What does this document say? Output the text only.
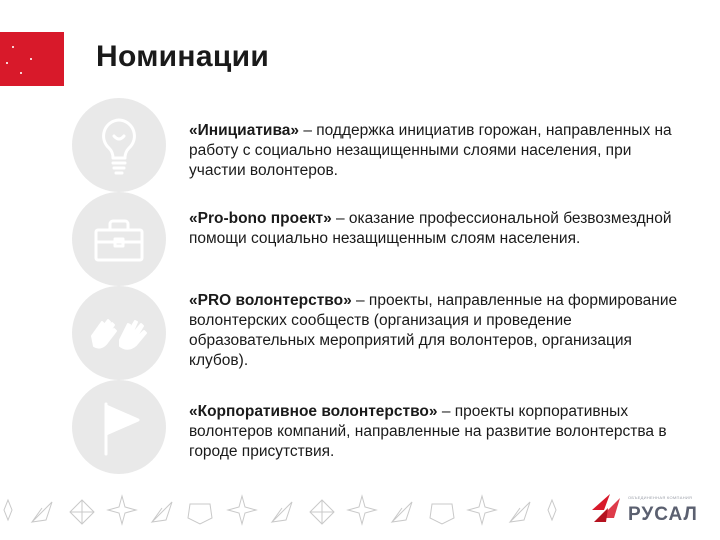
Номинации

«Инициатива» – поддержка инициатив горожан, направленных на работу с социально незащищенными слоями населения, при участии волонтеров.

«Pro-bono проект» – оказание профессиональной безвозмездной помощи социально незащищенным слоям населения.

«PRO волонтерство» – проекты, направленные на формирование волонтерских сообществ (организация и проведение образовательных мероприятий для волонтеров, организация клубов).

«Корпоративное волонтерство» – проекты корпоративных волонтеров компаний, направленные на развитие волонтерства в городе присутствия.

ОБЪЕДИНЕННАЯ КОМПАНИЯ
РУСАЛ
